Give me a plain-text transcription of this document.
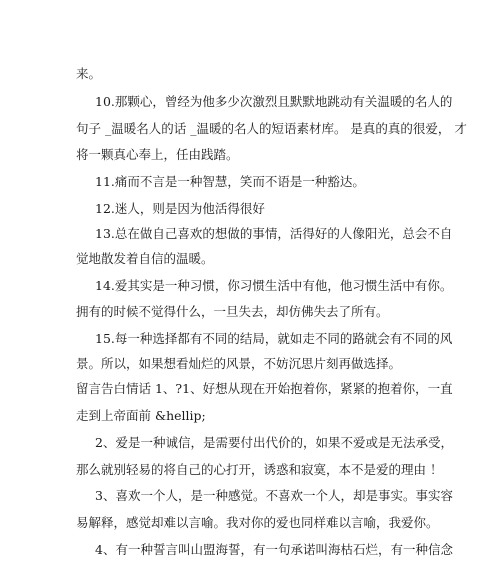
来。
10.那颗心，曾经为他多少次激烈且默默地跳动有关温暖的名人的
句子 _温暖名人的话 _温暖的名人的短语素材库。 是真的真的很爱， 才
将一颗真心奉上，任由践踏。
11.痛而不言是一种智慧，笑而不语是一种豁达。
12.迷人，则是因为他活得很好
13.总在做自己喜欢的想做的事情，活得好的人像阳光，总会不自
觉地散发着自信的温暖。
14.爱其实是一种习惯，你习惯生活中有他，他习惯生活中有你。
拥有的时候不觉得什么，一旦失去，却仿佛失去了所有。
15.每一种选择都有不同的结局，就如走不同的路就会有不同的风
景。所以，如果想看灿烂的风景，不妨沉思片刻再做选择。
留言告白情话 1、?1、好想从现在开始抱着你，紧紧的抱着你，一直
走到上帝面前 &hellip;
2、爱是一种诚信，是需要付出代价的，如果不爱或是无法承受，
那么就别轻易的将自己的心打开，诱惑和寂寞，本不是爱的理由 ！
3、喜欢一个人，是一种感觉。不喜欢一个人，却是事实。事实容
易解释，感觉却难以言喻。我对你的爱也同样难以言喻，我爱你。
4、有一种誓言叫山盟海誓，有一句承诺叫海枯石烂，有一种信念
